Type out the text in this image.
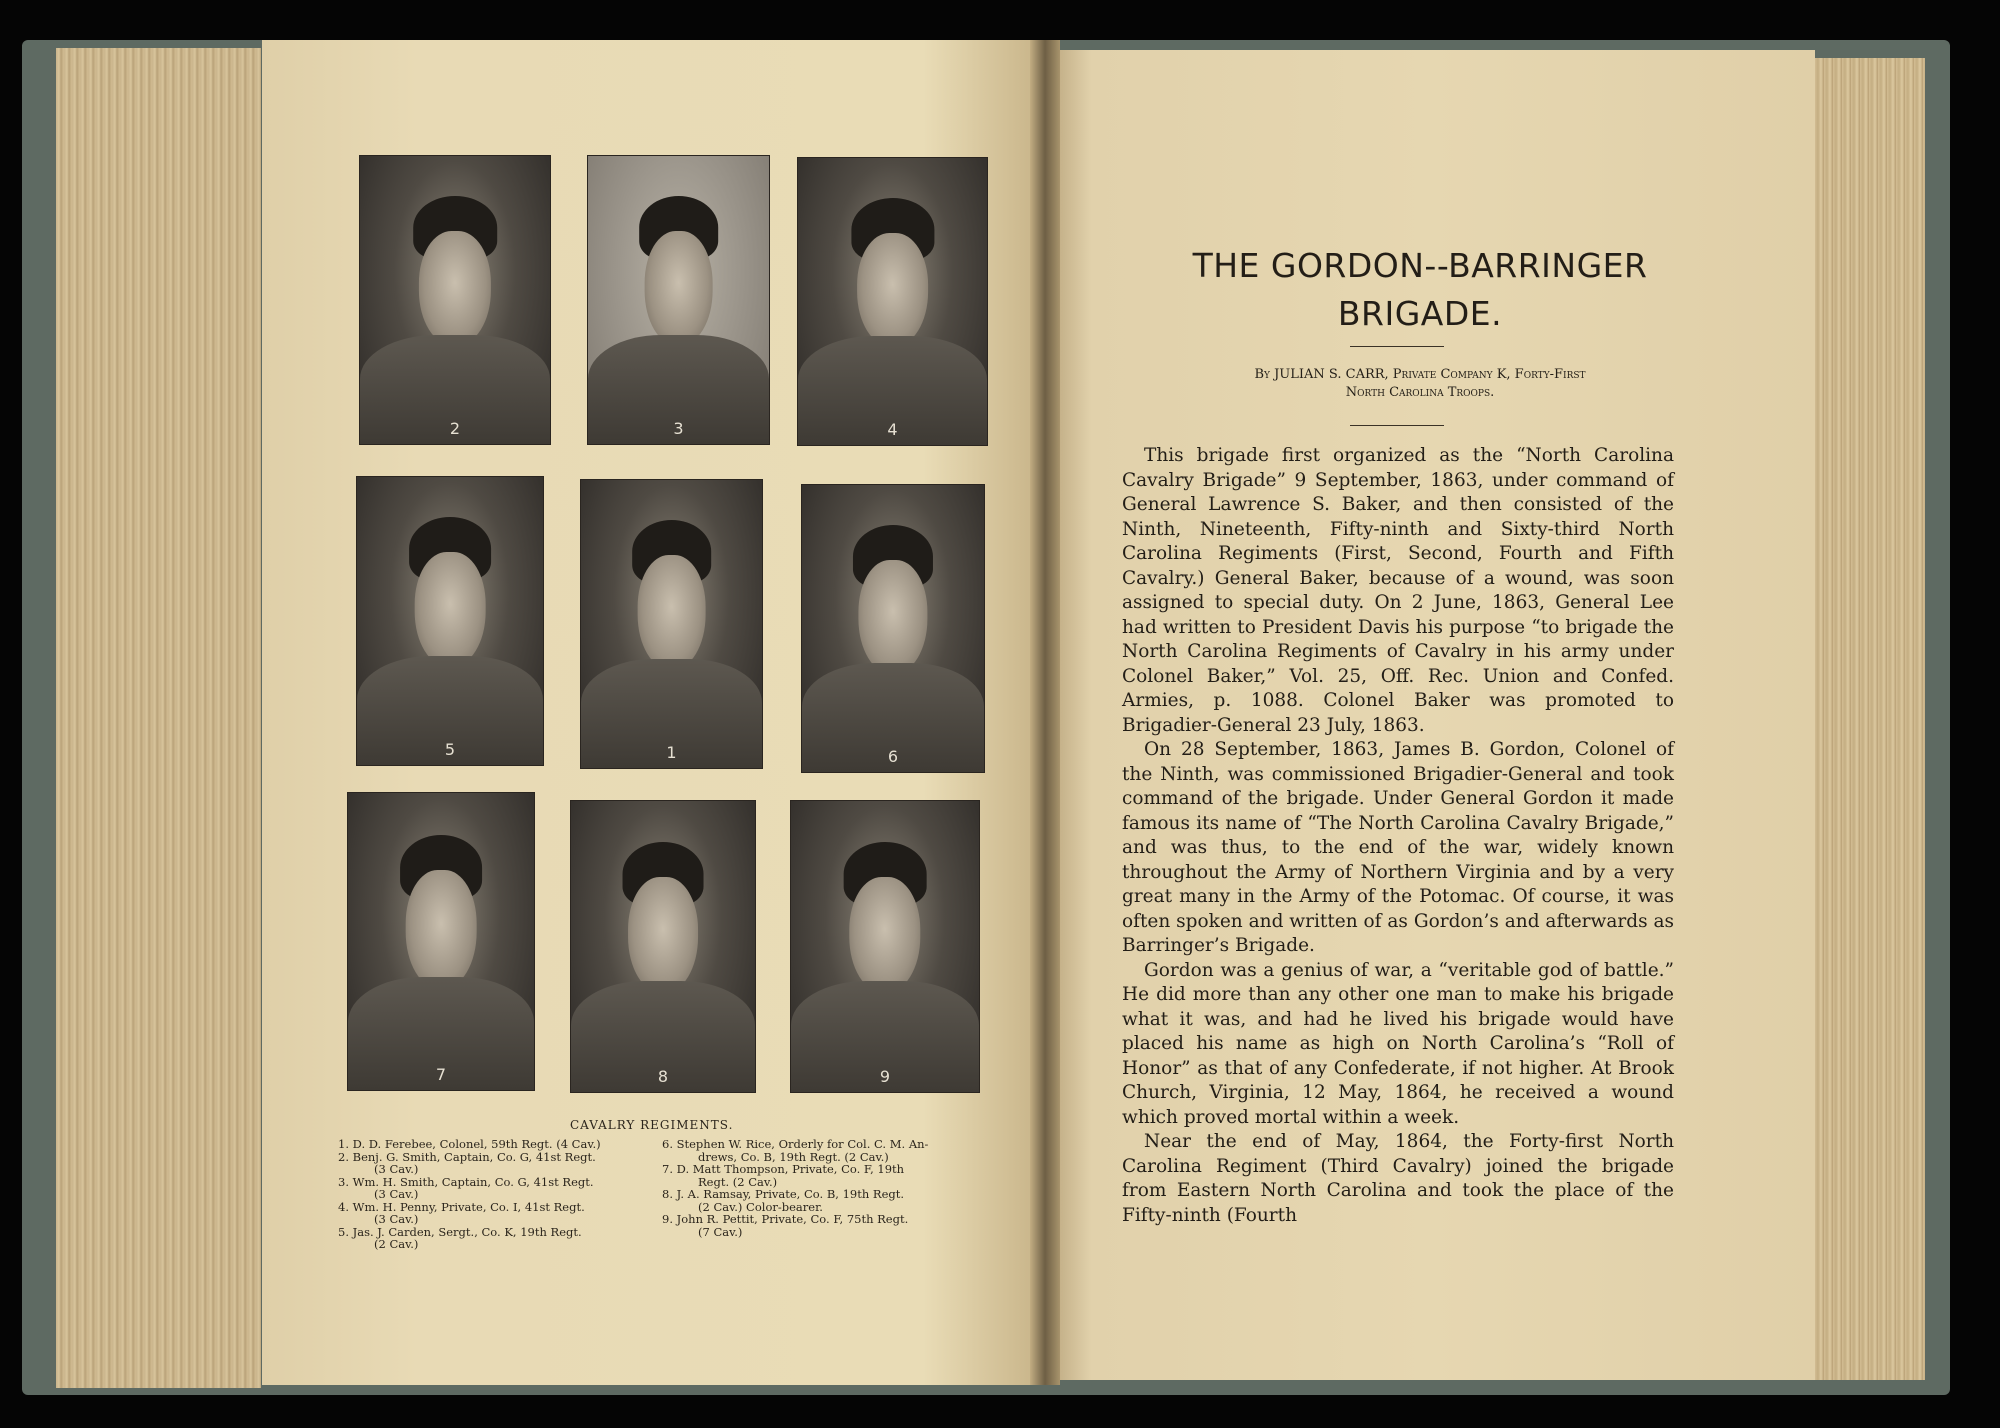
2	3	4
5	1	6
7	8	9
CAVALRY REGIMENTS.
1. D. D. Ferebee, Colonel, 59th Regt. (4 Cav.)
2. Benj. G. Smith, Captain, Co. G, 41st Regt.
(3 Cav.)
3. Wm. H. Smith, Captain, Co. G, 41st Regt.
(3 Cav.)
4. Wm. H. Penny, Private, Co. I, 41st Regt.
(3 Cav.)
5. Jas. J. Carden, Sergt., Co. K, 19th Regt.
(2 Cav.)
6. Stephen W. Rice, Orderly for Col. C. M. An-
drews, Co. B, 19th Regt. (2 Cav.)
7. D. Matt Thompson, Private, Co. F, 19th
Regt. (2 Cav.)
8. J. A. Ramsay, Private, Co. B, 19th Regt.
(2 Cav.) Color-bearer.
9. John R. Pettit, Private, Co. F, 75th Regt.
(7 Cav.)
THE GORDON--BARRINGER
BRIGADE.
By JULIAN S. CARR, Private Company K, Forty-First
North Carolina Troops.

This brigade first organized as the “North Carolina Cavalry Brigade” 9 September, 1863, under command of General Lawrence S. Baker, and then consisted of the Ninth, Nineteenth, Fifty-ninth and Sixty-third North Carolina Regiments (First, Second, Fourth and Fifth Cavalry.) General Baker, because of a wound, was soon assigned to special duty. On 2 June, 1863, General Lee had written to President Davis his purpose “to brigade the North Carolina Regiments of Cavalry in his army under Colonel Baker,” Vol. 25, Off. Rec. Union and Confed. Armies, p. 1088. Colonel Baker was promoted to Brigadier-General 23 July, 1863.

On 28 September, 1863, James B. Gordon, Colonel of the Ninth, was commissioned Brigadier-General and took command of the brigade. Under General Gordon it made famous its name of “The North Carolina Cavalry Brigade,” and was thus, to the end of the war, widely known throughout the Army of Northern Virginia and by a very great many in the Army of the Potomac. Of course, it was often spoken and written of as Gordon’s and afterwards as Barringer’s Brigade.

Gordon was a genius of war, a “veritable god of battle.” He did more than any other one man to make his brigade what it was, and had he lived his brigade would have placed his name as high on North Carolina’s “Roll of Honor” as that of any Confederate, if not higher. At Brook Church, Virginia, 12 May, 1864, he received a wound which proved mortal within a week.

Near the end of May, 1864, the Forty-first North Carolina Regiment (Third Cavalry) joined the brigade from Eastern North Carolina and took the place of the Fifty-ninth (Fourth
